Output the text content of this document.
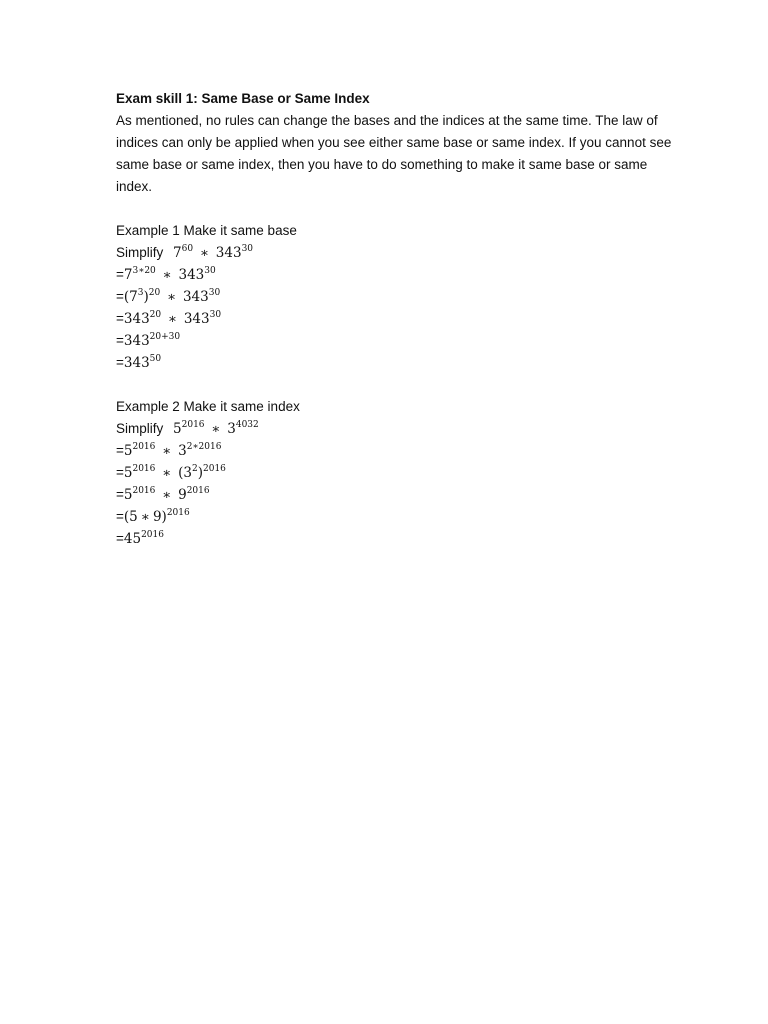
Exam skill 1: Same Base or Same Index

As mentioned, no rules can change the bases and the indices at the same time. The law of indices can only be applied when you see either same base or same index. If you cannot see same base or same index, then you have to do something to make it same base or same index.

Example 1 Make it same base
Simplify $7^{60}$ ∗ $343^{30}$
$=7^{3∗20}$ ∗ $343^{30}$
$=(7^3)^{20}$ ∗ $343^{30}$
$=343^{20}$ ∗ $343^{30}$
$=343^{20+30}$
$=343^{50}$
Example 2 Make it same index
Simplify $5^{2016}$ ∗ $3^{4032}$
$=5^{2016}$ ∗ $3^{2∗2016}$
$=5^{2016}$ ∗ $(3^2)^{2016}$
$=5^{2016}$ ∗ $9^{2016}$
=(5 ∗ 9)$^{2016}$
$=45^{2016}$
